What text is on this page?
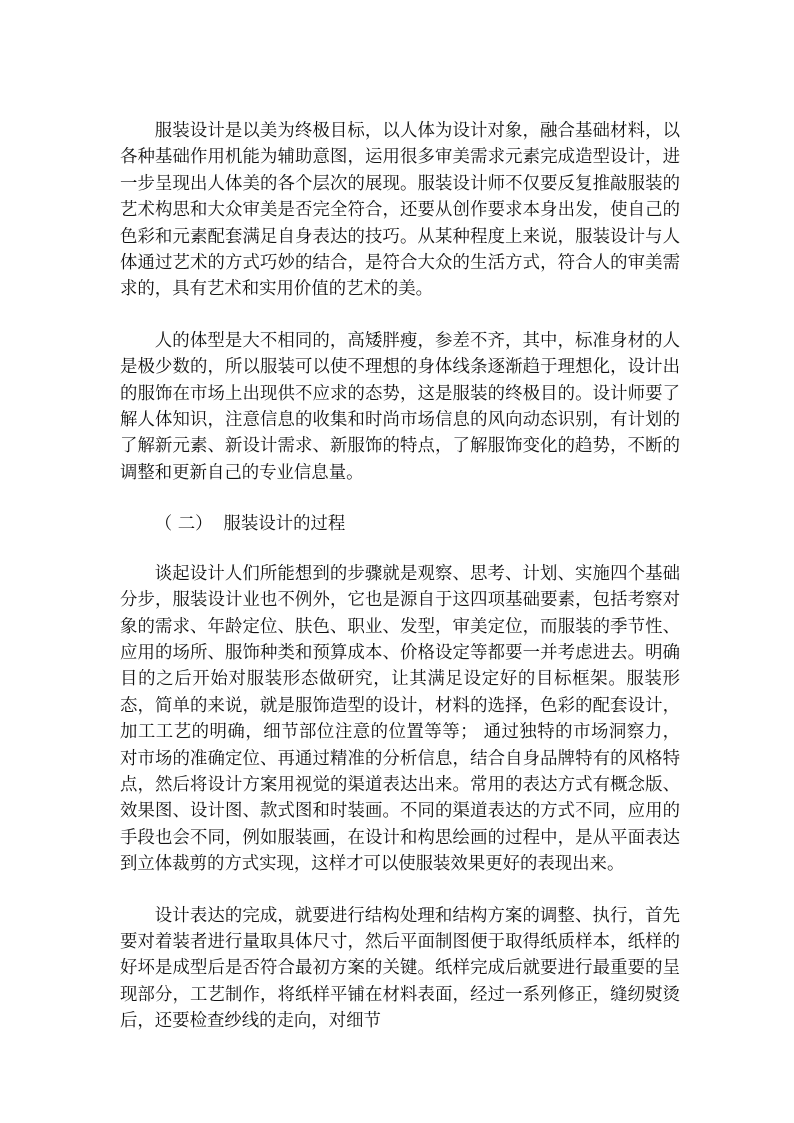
服装设计是以美为终极目标，以人体为设计对象，融合基础材料，以各种基础作用机能为辅助意图，运用很多审美需求元素完成造型设计，进一步呈现出人体美的各个层次的展现。服装设计师不仅要反复推敲服装的艺术构思和大众审美是否完全符合，还要从创作要求本身出发，使自己的色彩和元素配套满足自身表达的技巧。从某种程度上来说，服装设计与人体通过艺术的方式巧妙的结合，是符合大众的生活方式，符合人的审美需求的，具有艺术和实用价值的艺术的美。

人的体型是大不相同的，高矮胖瘦，参差不齐，其中，标准身材的人是极少数的，所以服装可以使不理想的身体线条逐渐趋于理想化，设计出的服饰在市场上出现供不应求的态势，这是服装的终极目的。设计师要了解人体知识，注意信息的收集和时尚市场信息的风向动态识别，有计划的了解新元素、新设计需求、新服饰的特点，了解服饰变化的趋势，不断的调整和更新自己的专业信息量。

（ 二）  服装设计的过程

谈起设计人们所能想到的步骤就是观察、思考、计划、实施四个基础分步，服装设计业也不例外，它也是源自于这四项基础要素，包括考察对象的需求、年龄定位、肤色、职业、发型，审美定位，而服装的季节性、应用的场所、服饰种类和预算成本、价格设定等都要一并考虑进去。明确目的之后开始对服装形态做研究，让其满足设定好的目标框架。服装形态，简单的来说，就是服饰造型的设计，材料的选择，色彩的配套设计，加工工艺的明确，细节部位注意的位置等等； 通过独特的市场洞察力，对市场的准确定位、再通过精准的分析信息，结合自身品牌特有的风格特点，然后将设计方案用视觉的渠道表达出来。常用的表达方式有概念版、效果图、设计图、款式图和时装画。不同的渠道表达的方式不同，应用的手段也会不同，例如服装画，在设计和构思绘画的过程中，是从平面表达到立体裁剪的方式实现，这样才可以使服装效果更好的表现出来。

设计表达的完成，就要进行结构处理和结构方案的调整、执行，首先要对着装者进行量取具体尺寸，然后平面制图便于取得纸质样本，纸样的好坏是成型后是否符合最初方案的关键。纸样完成后就要进行最重要的呈现部分，工艺制作，将纸样平铺在材料表面，经过一系列修正，缝纫熨烫后，还要检查纱线的走向，对细节
